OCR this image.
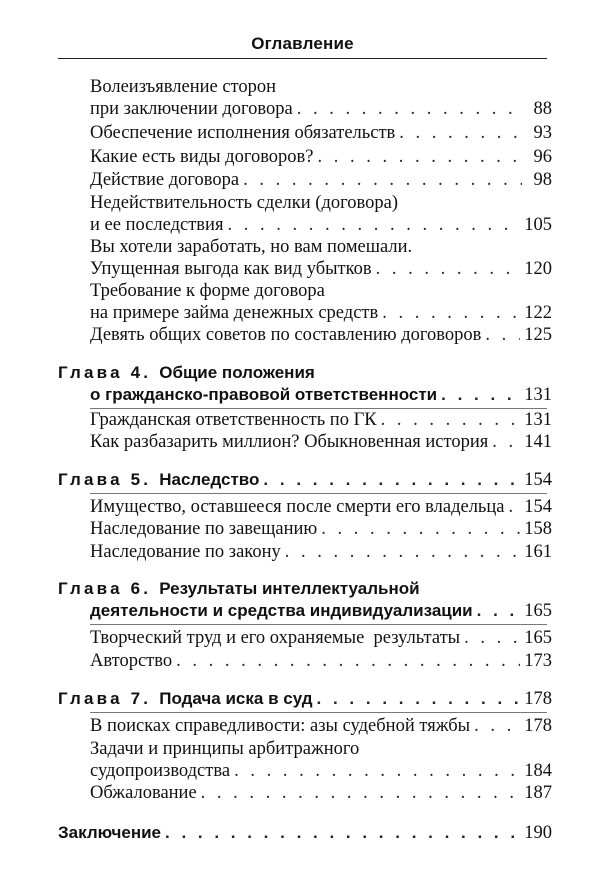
Оглавление
Волеизъявление сторон
при заключении договора . . .	88
Обеспечение исполнения обязательств . . .	93
Какие есть виды договоров? . . .	96
Действие договора . . .	98
Недействительность сделки (договора)
и ее последствия . . .	105
Вы хотели заработать, но вам помешали.
Упущенная выгода как вид убытков . . .	120
Требование к форме договора
на примере займа денежных средств . . .	122
Девять общих советов по составлению договоров . . . 125
Глава 4. Общие положения
о гражданско-правовой ответственности . . .	131
Гражданская ответственность по ГК . . .	131
Как разбазарить миллион? Обыкновенная история . . . 141
Глава 5. Наследство . . .	154
Имущество, оставшееся после смерти его владельца . . . 154
Наследование по завещанию . . .	158
Наследование по закону . . .	161
Глава 6. Результаты интеллектуальной
деятельности и средства индивидуализации . . .	165
Творческий труд и его охраняемые  результаты . . .	165
Авторство . . .	173
Глава 7. Подача иска в суд . . .	178
В поисках справедливости: азы судебной тяжбы . . .	178
Задачи и принципы арбитражного
судопроизводства . . .	184
Обжалование . . .	187
Заключение . . .	190
